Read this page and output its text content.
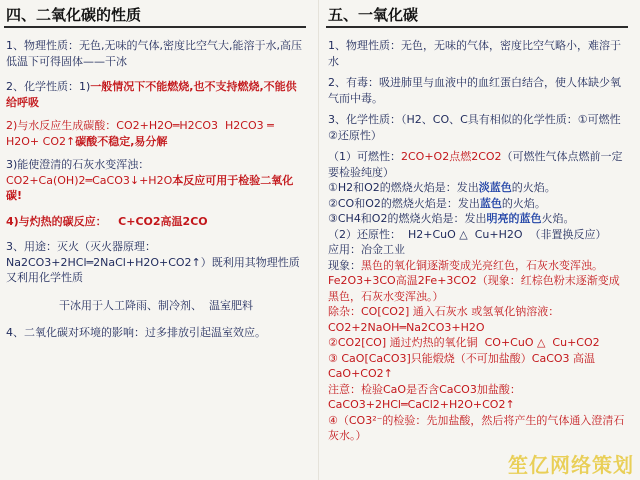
四、二氧化碳的性质
1、物理性质：无色,无味的气体,密度比空气大,能溶于水,高压低温下可得固体——干冰
2、化学性质：1)一般情况下不能燃烧,也不支持燃烧,不能供给呼吸
2)与水反应生成碳酸：CO2+H2O═H2CO3  H2CO3 ═ H2O+ CO2↑碳酸不稳定,易分解
3)能使澄清的石灰水变浑浊：
CO2+Ca(OH)2═CaCO3↓+H2O本反应可用于检验二氧化碳!
4)与灼热的碳反应：   C+CO2高温2CO
3、用途：灭火（灭火器原理：
Na2CO3+2HCl═2NaCl+H2O+CO2↑）既利用其物理性质又利用化学性质
干冰用于人工降雨、制冷剂、  温室肥料
4、二氧化碳对环境的影响：过多排放引起温室效应。
五、一氧化碳
1、物理性质：无色，无味的气体，密度比空气略小，难溶于水
2、有毒：吸进肺里与血液中的血红蛋白结合，使人体缺少氧气而中毒。
3、化学性质：（H2、CO、C具有相似的化学性质：①可燃性 ②还原性）
（1）可燃性：2CO+O2点燃2CO2（可燃性气体点燃前一定要检验纯度）
①H2和O2的燃烧火焰是：发出淡蓝色的火焰。
②CO和O2的燃烧火焰是：发出蓝色的火焰。
③CH4和O2的燃烧火焰是：发出明亮的蓝色火焰。
（2）还原性：  H2+CuO △  Cu+H2O  （非置换反应）
应用：冶金工业
现象：黑色的氧化铜逐渐变成光亮红色，石灰水变浑浊。
Fe2O3+3CO高温2Fe+3CO2（现象：红棕色粉末逐渐变成黑色，石灰水变浑浊。）
除杂：CO[CO2] 通入石灰水 或氢氧化钠溶液：
CO2+2NaOH═Na2CO3+H2O
②CO2[CO] 通过灼热的氧化铜  CO+CuO △  Cu+CO2
③ CaO[CaCO3]只能煅烧（不可加盐酸）CaCO3 高温 CaO+CO2↑
注意：检验CaO是否含CaCO3加盐酸：
CaCO3+2HCl═CaCl2+H2O+CO2↑
④（CO3²⁻的检验：先加盐酸，然后将产生的气体通入澄清石灰水。）
笙亿网络策划
